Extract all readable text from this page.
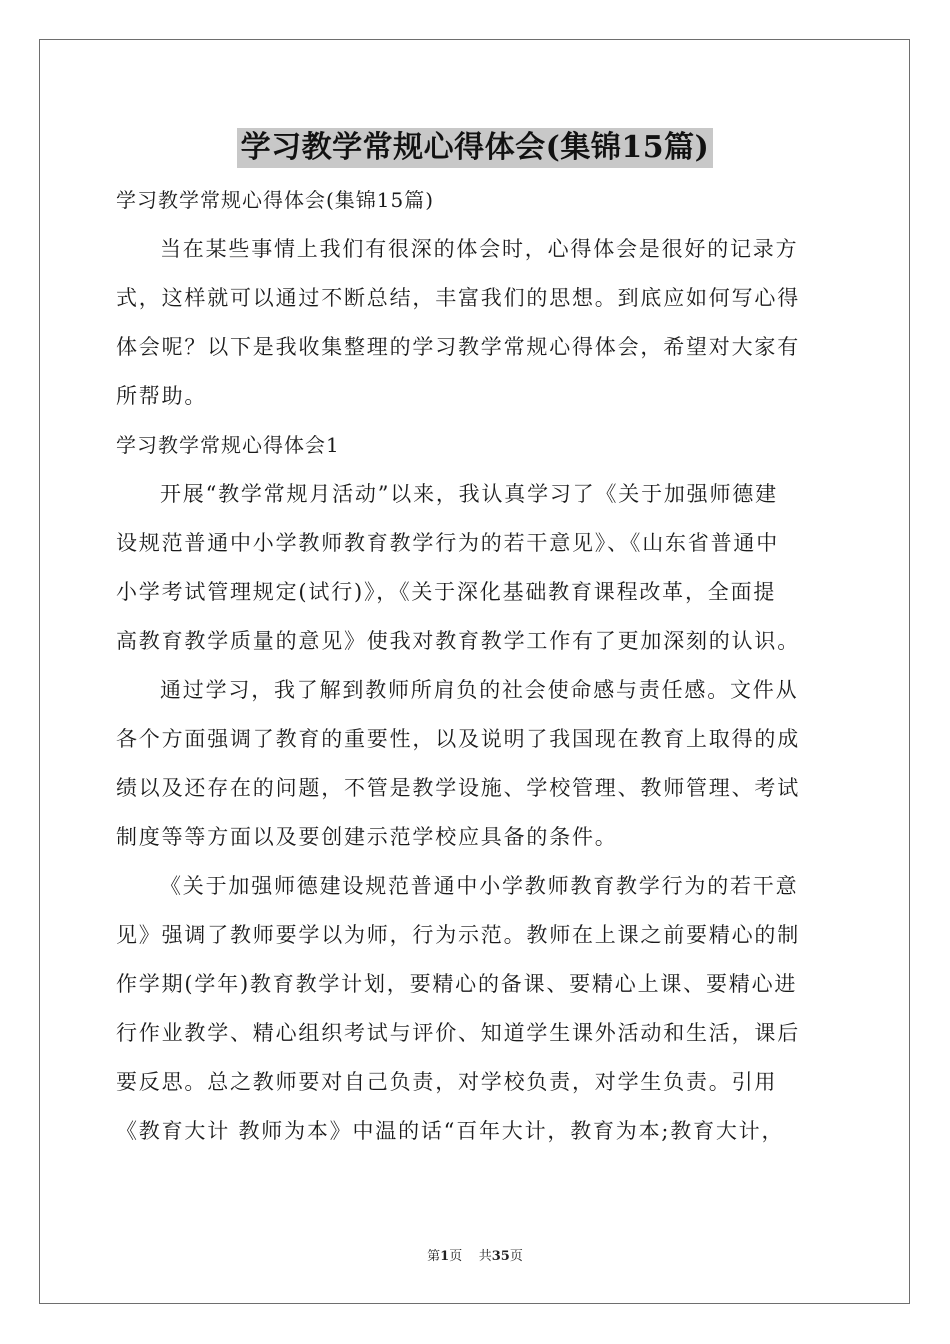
学习教学常规心得体会(集锦15篇)

学习教学常规心得体会(集锦15篇)

当在某些事情上我们有很深的体会时，心得体会是很好的记录方

式，这样就可以通过不断总结，丰富我们的思想。到底应如何写心得

体会呢？以下是我收集整理的学习教学常规心得体会，希望对大家有

所帮助。

学习教学常规心得体会1

开展“教学常规月活动”以来，我认真学习了《关于加强师德建

设规范普通中小学教师教育教学行为的若干意见》、《山东省普通中

小学考试管理规定(试行)》，《关于深化基础教育课程改革，全面提

高教育教学质量的意见》使我对教育教学工作有了更加深刻的认识。

通过学习，我了解到教师所肩负的社会使命感与责任感。文件从

各个方面强调了教育的重要性，以及说明了我国现在教育上取得的成

绩以及还存在的问题，不管是教学设施、学校管理、教师管理、考试

制度等等方面以及要创建示范学校应具备的条件。

《关于加强师德建设规范普通中小学教师教育教学行为的若干意

见》强调了教师要学以为师，行为示范。教师在上课之前要精心的制

作学期(学年)教育教学计划，要精心的备课、要精心上课、要精心进

行作业教学、精心组织考试与评价、知道学生课外活动和生活，课后

要反思。总之教师要对自己负责，对学校负责，对学生负责。引用

《教育大计 教师为本》中温的话“百年大计，教育为本;教育大计，

第1页 共35页
